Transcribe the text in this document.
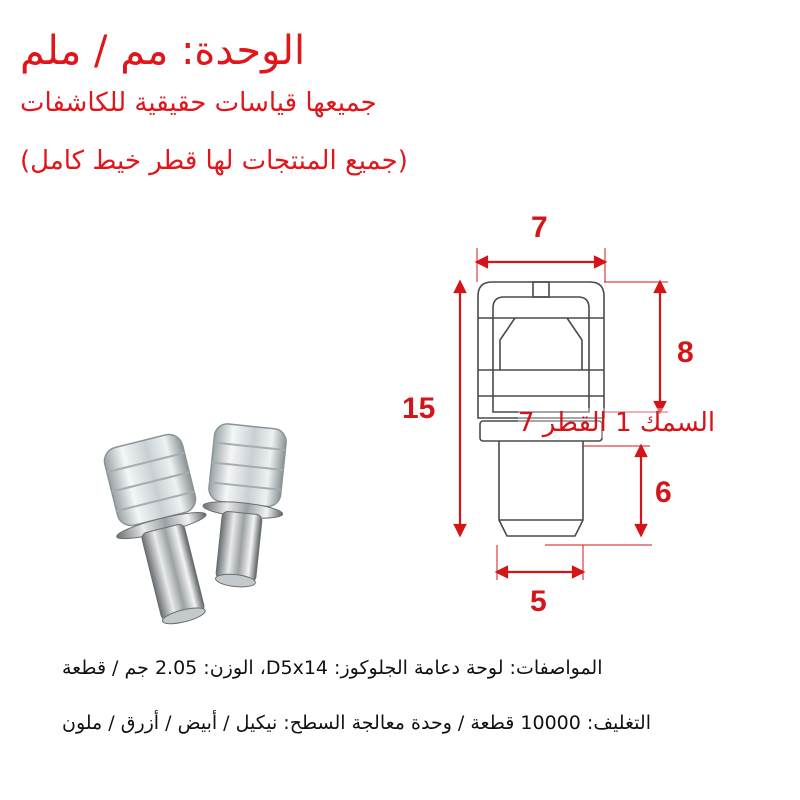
الوحدة: مم / ملم
جميعها قياسات حقيقية للكاشفات
(جميع المنتجات لها قطر خيط كامل)
7
8
15
6
5
السمك 1 القطر 7
المواصفات: لوحة دعامة الجلوكوز: D5x14، الوزن: 2.05 جم / قطعة
التغليف: 10000 قطعة / وحدة معالجة السطح: نيكيل / أبيض / أزرق / ملون
